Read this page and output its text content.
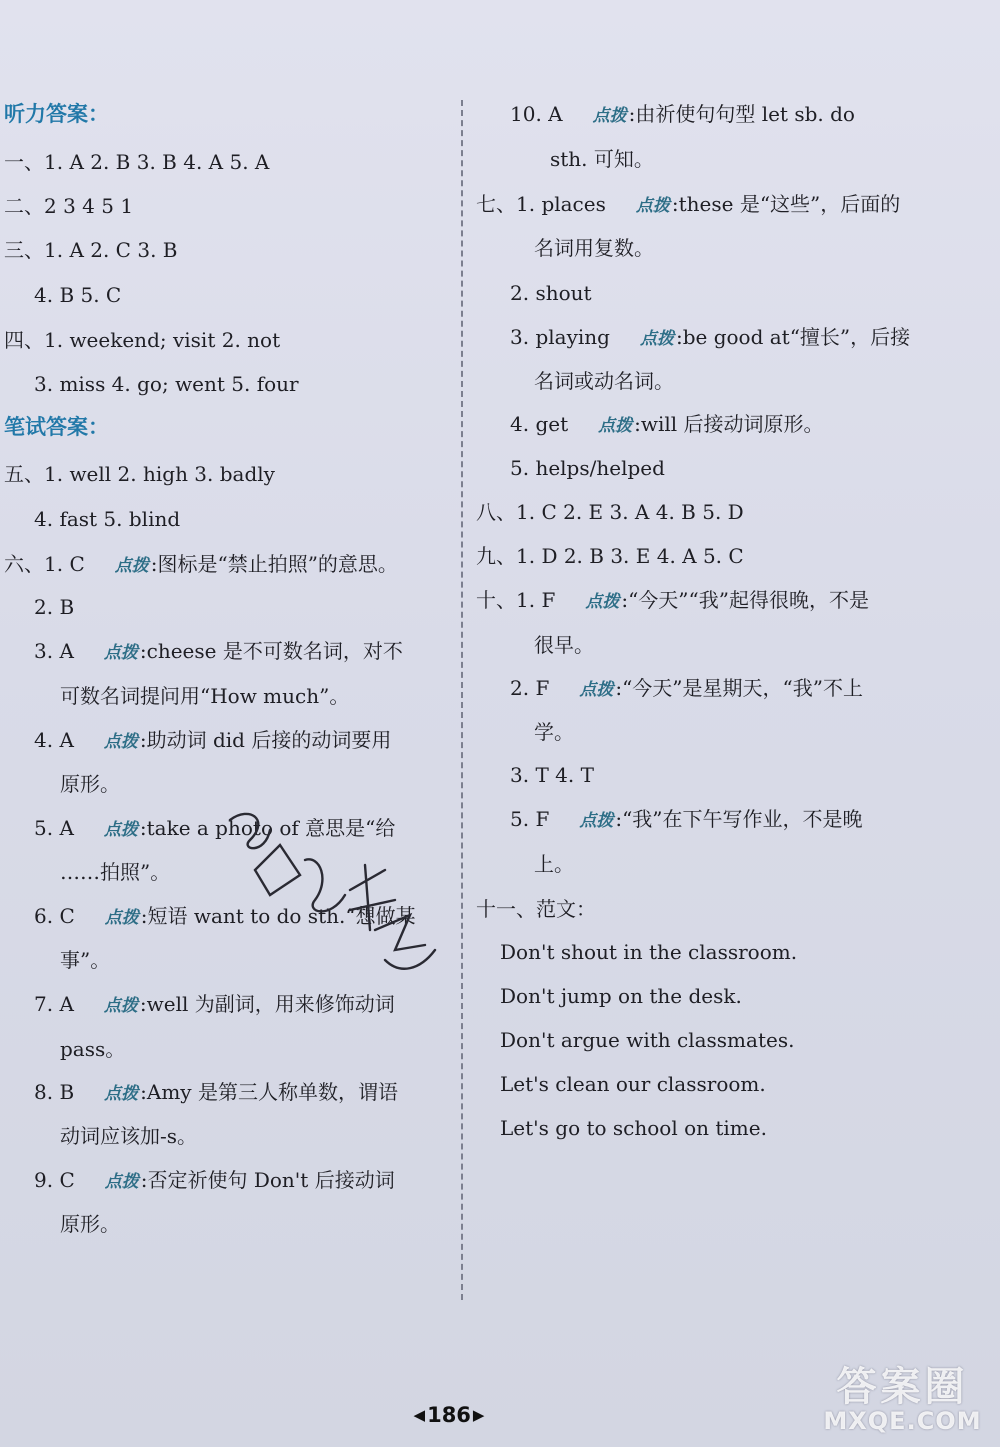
听力答案：
一、1. A 2. B 3. B 4. A 5. A
二、2 3 4 5 1
三、1. A 2. C 3. B
4. B 5. C
四、1. weekend; visit 2. not
3. miss 4. go; went 5. four
笔试答案：
五、1. well 2. high 3. badly
4. fast 5. blind
六、1. C 点拨 :图标是“禁止拍照”的意思。
2. B
3. A 点拨 :cheese 是不可数名词，对不
可数名词提问用“How much”。
4. A 点拨 :助动词 did 后接的动词要用
原形。
5. A 点拨 :take a photo of 意思是“给
……拍照”。
6. C 点拨 :短语 want to do sth.“想做某
事”。
7. A 点拨 :well 为副词，用来修饰动词
pass。
8. B 点拨 :Amy 是第三人称单数，谓语
动词应该加-s。
9. C 点拨 :否定祈使句 Don't 后接动词
原形。
10. A 点拨 :由祈使句句型 let sb. do
sth. 可知。
七、1. places 点拨 :these 是“这些”，后面的
名词用复数。
2. shout
3. playing 点拨 :be good at“擅长”，后接
名词或动名词。
4. get 点拨 :will 后接动词原形。
5. helps/helped
八、1. C 2. E 3. A 4. B 5. D
九、1. D 2. B 3. E 4. A 5. C
十、1. F 点拨 :“今天”“我”起得很晚，不是
很早。
2. F 点拨 :“今天”是星期天，“我”不上
学。
3. T 4. T
5. F 点拨 :“我”在下午写作业，不是晚
上。
十一、范文：
Don't shout in the classroom.
Don't jump on the desk.
Don't argue with classmates.
Let's clean our classroom.
Let's go to school on time.
◀ 186 ▶
答案圈
MXQE.COM
